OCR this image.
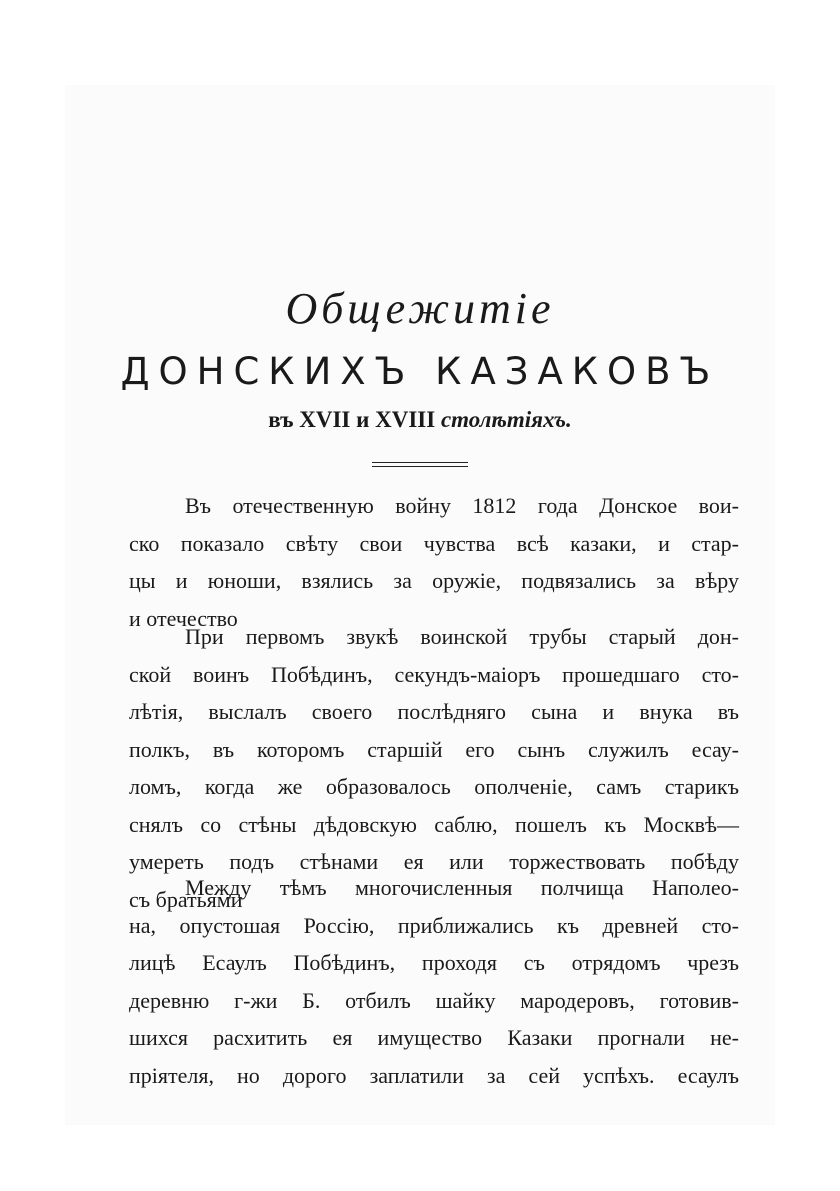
Общежитіе
ДОНСКИХЪ КАЗАКОВЪ
въ XVII и XVIII столѣтіяхъ.
Въ отечественную войну 1812 года Донское вои-
ско показало свѣту свои чувства всѣ казаки, и стар-
цы и юноши, взялись за оружіе, подвязались за вѣру
и отечество
При первомъ звукѣ воинской трубы старый дон-
ской воинъ Побѣдинъ, секундъ-маіоръ прошедшаго сто-
лѣтія, выслалъ своего послѣдняго сына и внука въ
полкъ, въ которомъ старшій его сынъ служилъ есау-
ломъ, когда же образовалось ополченіе, самъ старикъ
снялъ со стѣны дѣдовскую саблю, пошелъ къ Москвѣ—
умереть подъ стѣнами ея или торжествовать побѣду
съ братьями
Между тѣмъ многочисленныя полчища Наполео-
на, опустошая Россію, приближались къ древней сто-
лицѣ Есаулъ Побѣдинъ, проходя съ отрядомъ чрезъ
деревню г-жи Б. отбилъ шайку мародеровъ, готовив-
шихся расхитить ея имущество Казаки прогнали не-
пріятеля, но дорого заплатили за сей успѣхъ. есаулъ
